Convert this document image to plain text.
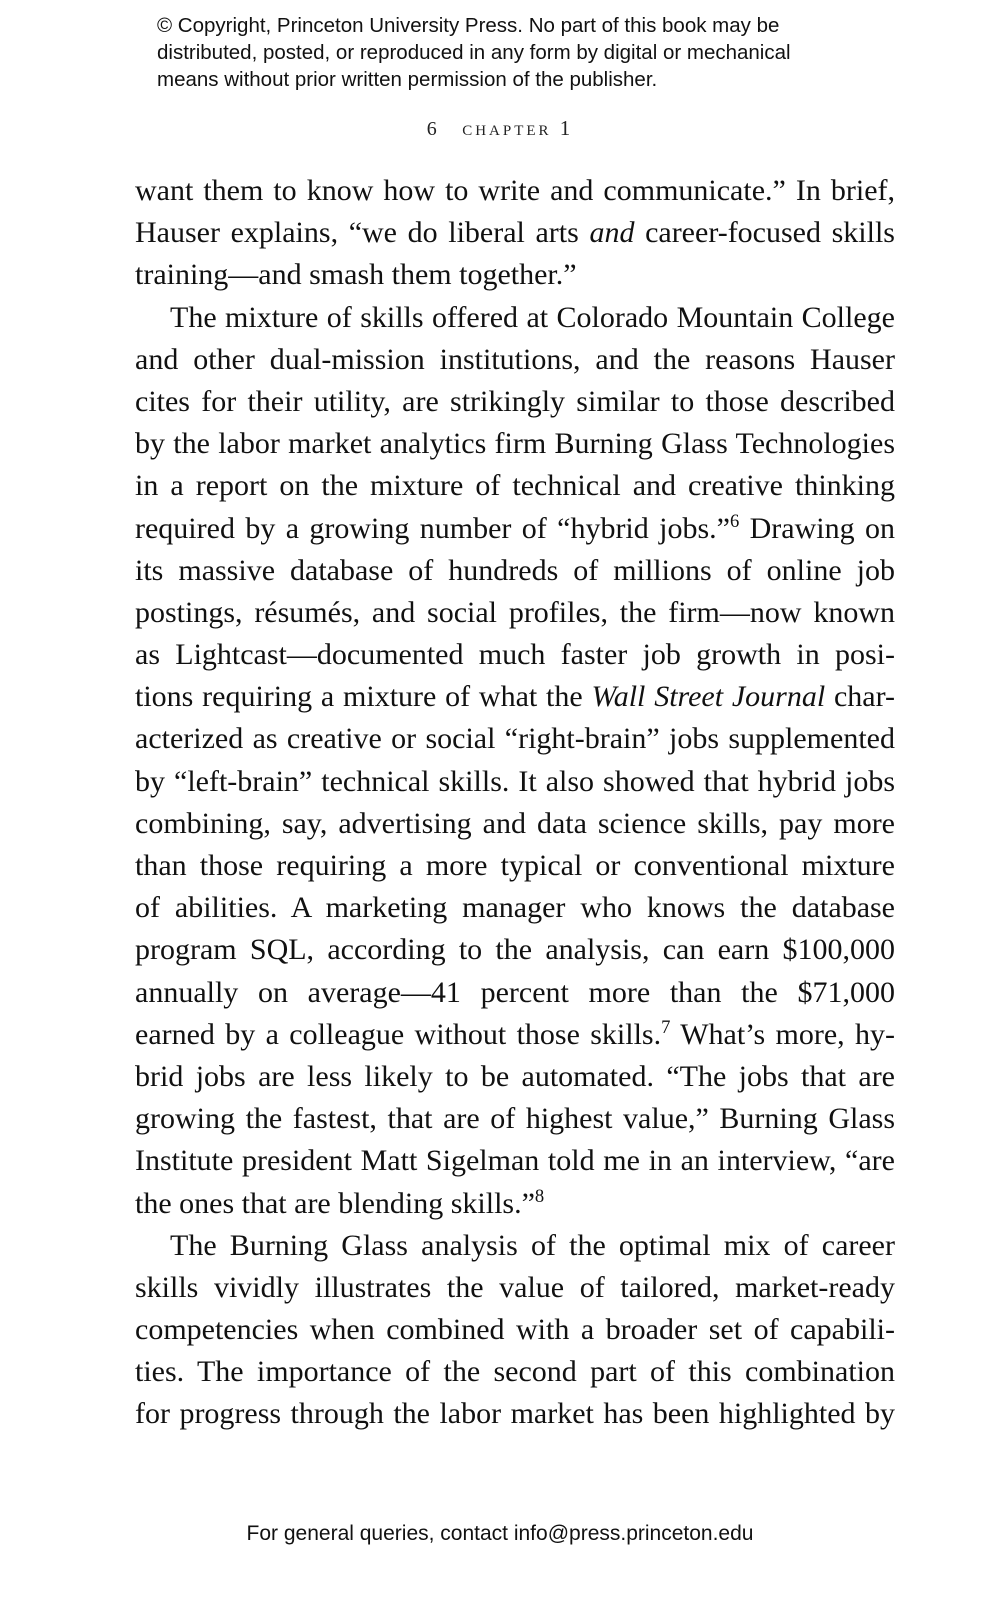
© Copyright, Princeton University Press. No part of this book may be
distributed, posted, or reproduced in any form by digital or mechanical
means without prior written permission of the publisher.
6 chapter 1
want them to know how to write and communicate.” In brief,
Hauser explains, “we do liberal arts and career-focused skills
training—and smash them together.”
The mixture of skills offered at Colorado Mountain College
and other dual-mission institutions, and the reasons Hauser
cites for their utility, are strikingly similar to those described
by the labor market analytics firm Burning Glass Technologies
in a report on the mixture of technical and creative thinking
required by a growing number of “hybrid jobs.”$^6$ Drawing on
its massive database of hundreds of millions of online job
postings, résumés, and social profiles, the firm—now known
as Lightcast—documented much faster job growth in posi-
tions requiring a mixture of what the Wall Street Journal char-
acterized as creative or social “right-brain” jobs supplemented
by “left-brain” technical skills. It also showed that hybrid jobs
combining, say, advertising and data science skills, pay more
than those requiring a more typical or conventional mixture
of abilities. A marketing manager who knows the database
program SQL, according to the analysis, can earn $100,000
annually on average—41 percent more than the $71,000
earned by a colleague without those skills.$^7$ What’s more, hy-
brid jobs are less likely to be automated. “The jobs that are
growing the fastest, that are of highest value,” Burning Glass
Institute president Matt Sigelman told me in an interview, “are
the ones that are blending skills.”$^8$
The Burning Glass analysis of the optimal mix of career
skills vividly illustrates the value of tailored, market-ready
competencies when combined with a broader set of capabili-
ties. The importance of the second part of this combination
for progress through the labor market has been highlighted by
For general queries, contact info@press.princeton.edu
